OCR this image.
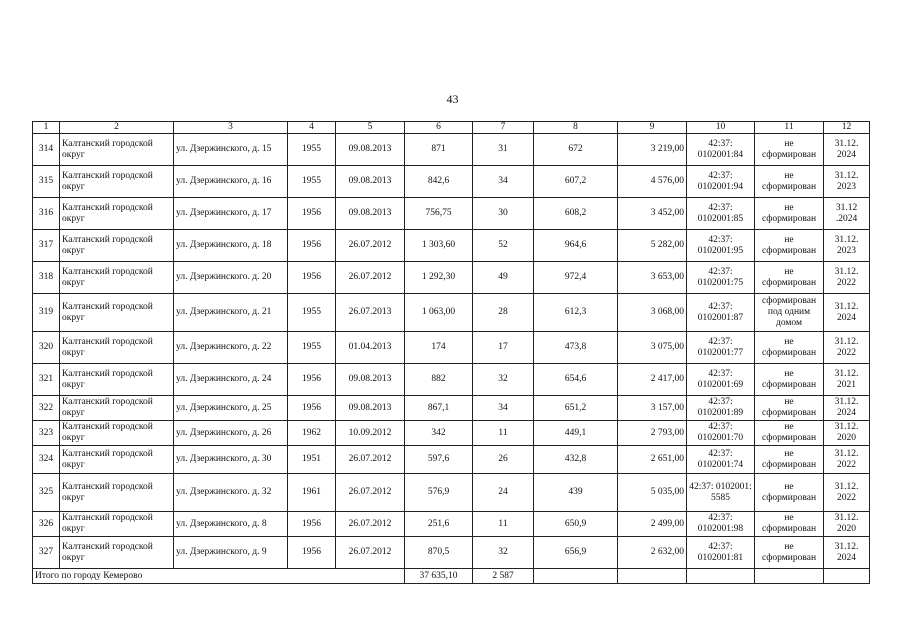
43
1	2	3	4	5	6	7	8	9	10	11	12
314	Калтанский городской округ	ул. Дзержинского, д. 15	1955	09.08.2013	871	31	672	3 219,00	42:37: 0102001:84	не сформирован	31.12. 2024
315	Калтанский городской округ	ул. Дзержинского, д. 16	1955	09.08.2013	842,6	34	607,2	4 576,00	42:37: 0102001:94	не сформирован	31.12. 2023
316	Калтанский городской округ	ул. Дзержинского, д. 17	1956	09.08.2013	756,75	30	608,2	3 452,00	42:37: 0102001:85	не сформирован	31.12 .2024
317	Калтанский городской округ	ул. Дзержинского, д. 18	1956	26.07.2012	1 303,60	52	964,6	5 282,00	42:37: 0102001:95	не сформирован	31.12. 2023
318	Калтанский городской округ	ул. Дзержинского. д. 20	1956	26.07.2012	1 292,30	49	972,4	3 653,00	42:37: 0102001:75	не сформирован	31.12. 2022
319	Калтанский городской округ	ул. Дзержинского, д. 21	1955	26.07.2013	1 063,00	28	612,3	3 068,00	42:37: 0102001:87	сформирован под одним домом	31.12. 2024
320	Калтанский городской округ	ул. Дзержинского, д. 22	1955	01.04.2013	174	17	473,8	3 075,00	42:37: 0102001:77	не сформирован	31.12. 2022
321	Калтанский городской округ	ул. Дзержинского, д. 24	1956	09.08.2013	882	32	654,6	2 417,00	42:37: 0102001:69	не сформирован	31.12. 2021
322	Калтанский городской округ	ул. Дзержинского, д. 25	1956	09.08.2013	867,1	34	651,2	3 157,00	42:37: 0102001:89	не сформирован	31.12. 2024
323	Калтанский городской округ	ул. Дзержинского, д. 26	1962	10.09.2012	342	11	449,1	2 793,00	42:37: 0102001:70	не сформирован	31.12. 2020
324	Калтанский городской округ	ул. Дзержинского, д. 30	1951	26.07.2012	597,6	26	432,8	2 651,00	42:37: 0102001:74	не сформирован	31.12. 2022
325	Калтанский городской округ	ул. Дзержинского. д. 32	1961	26.07.2012	576,9	24	439	5 035,00	42:37: 0102001: 5585	не сформирован	31.12. 2022
326	Калтанский городской округ	ул. Дзержинского, д. 8	1956	26.07.2012	251,6	11	650,9	2 499,00	42:37: 0102001:98	не сформирован	31.12. 2020
327	Калтанский городской округ	ул. Дзержинского, д. 9	1956	26.07.2012	870,5	32	656,9	2 632,00	42:37: 0102001:81	не сформирован	31.12. 2024
Итого по городу Кемерово					37 635,10	2 587					
